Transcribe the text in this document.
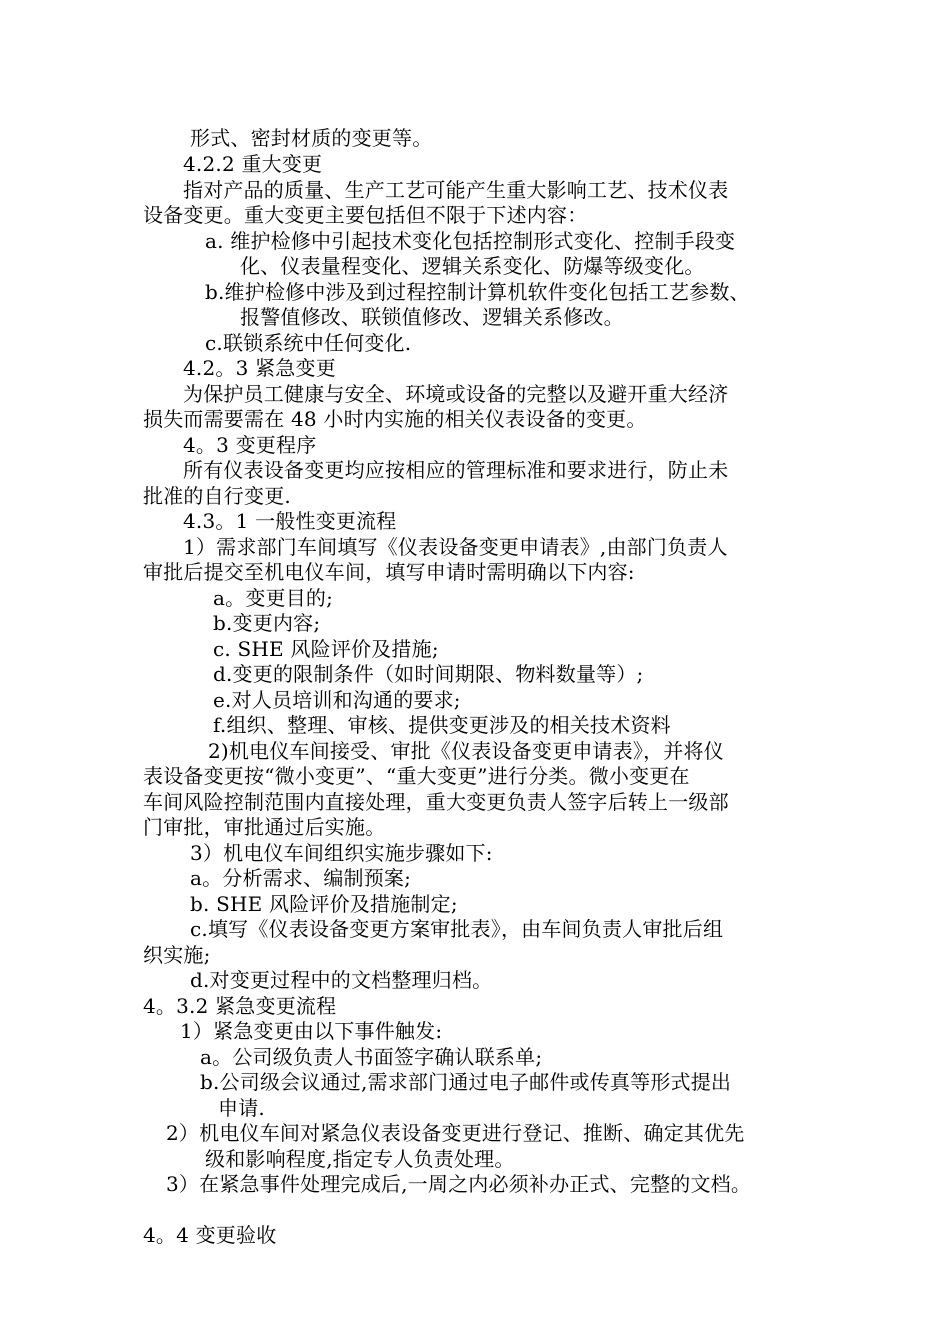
形式、密封材质的变更等。
4.2.2 重大变更
指对产品的质量、生产工艺可能产生重大影响工艺、技术仪表
设备变更。重大变更主要包括但不限于下述内容：
a. 维护检修中引起技术变化包括控制形式变化、控制手段变
化、仪表量程变化、逻辑关系变化、防爆等级变化。
b.维护检修中涉及到过程控制计算机软件变化包括工艺参数、
报警值修改、联锁值修改、逻辑关系修改。
c.联锁系统中任何变化.
4.2。3 紧急变更
为保护员工健康与安全、环境或设备的完整以及避开重大经济
损失而需要需在 48 小时内实施的相关仪表设备的变更。
4。3 变更程序
所有仪表设备变更均应按相应的管理标准和要求进行，防止未
批准的自行变更.
4.3。1 一般性变更流程
1）需求部门车间填写《仪表设备变更申请表》,由部门负责人
审批后提交至机电仪车间，填写申请时需明确以下内容:
a。变更目的;
b.变更内容;
c. SHE 风险评价及措施;
d.变更的限制条件（如时间期限、物料数量等）;
e.对人员培训和沟通的要求;
f.组织、整理、审核、提供变更涉及的相关技术资料
2)机电仪车间接受、审批《仪表设备变更申请表》，并将仪
表设备变更按“微小变更”、“重大变更”进行分类。微小变更在
车间风险控制范围内直接处理，重大变更负责人签字后转上一级部
门审批，审批通过后实施。
3）机电仪车间组织实施步骤如下:
a。分析需求、编制预案;
b. SHE 风险评价及措施制定;
c.填写《仪表设备变更方案审批表》，由车间负责人审批后组
织实施;
d.对变更过程中的文档整理归档。
4。3.2 紧急变更流程
1）紧急变更由以下事件触发:
a。公司级负责人书面签字确认联系单;
b.公司级会议通过,需求部门通过电子邮件或传真等形式提出
申请.
2）机电仪车间对紧急仪表设备变更进行登记、推断、确定其优先
级和影响程度,指定专人负责处理。
3）在紧急事件处理完成后,一周之内必须补办正式、完整的文档。
4。4 变更验收
